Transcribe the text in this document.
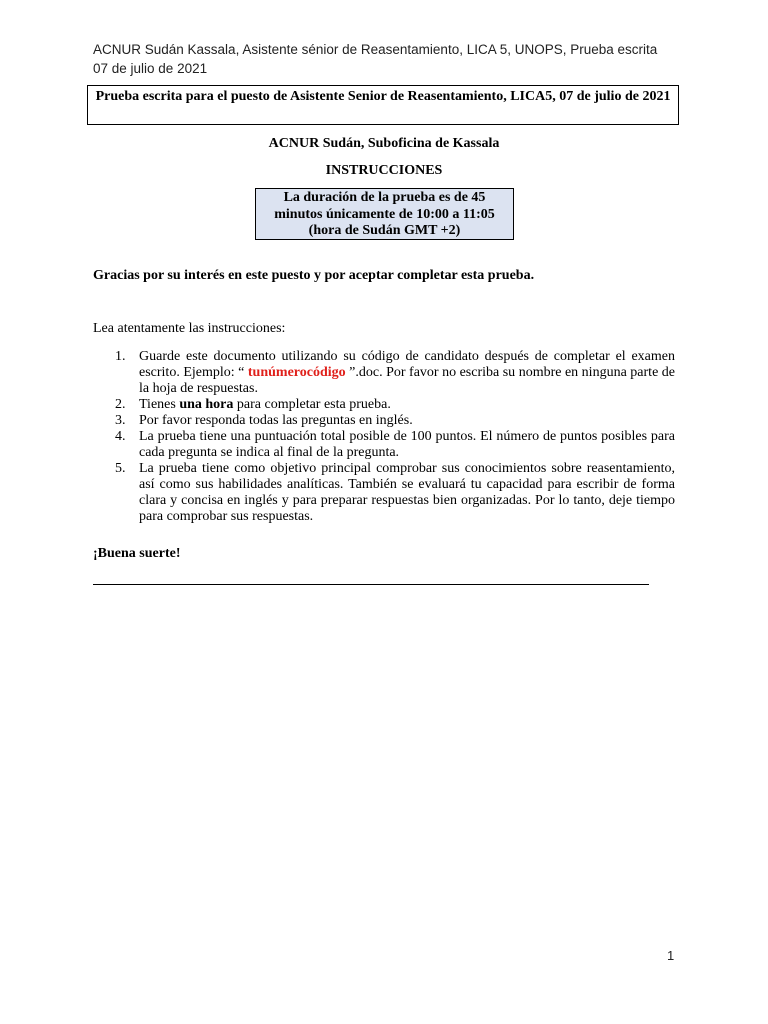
ACNUR Sudán Kassala, Asistente sénior de Reasentamiento, LICA 5, UNOPS, Prueba escrita 07 de julio de 2021
Prueba escrita para el puesto de Asistente Senior de Reasentamiento, LICA5, 07 de julio de 2021
ACNUR Sudán, Suboficina de Kassala
INSTRUCCIONES
La duración de la prueba es de 45
minutos únicamente de 10:00 a 11:05
(hora de Sudán GMT +2)
Gracias por su interés en este puesto y por aceptar completar esta prueba.
Lea atentamente las instrucciones:
1. Guarde este documento utilizando su código de candidato después de completar el examen escrito. Ejemplo: “ tunúmerocódigo ”.doc. Por favor no escriba su nombre en ninguna parte de la hoja de respuestas.
2. Tienes una hora para completar esta prueba.
3. Por favor responda todas las preguntas en inglés.
4. La prueba tiene una puntuación total posible de 100 puntos. El número de puntos posibles para cada pregunta se indica al final de la pregunta.
5. La prueba tiene como objetivo principal comprobar sus conocimientos sobre reasentamiento, así como sus habilidades analíticas. También se evaluará tu capacidad para escribir de forma clara y concisa en inglés y para preparar respuestas bien organizadas. Por lo tanto, deje tiempo para comprobar sus respuestas.
¡Buena suerte!
1
